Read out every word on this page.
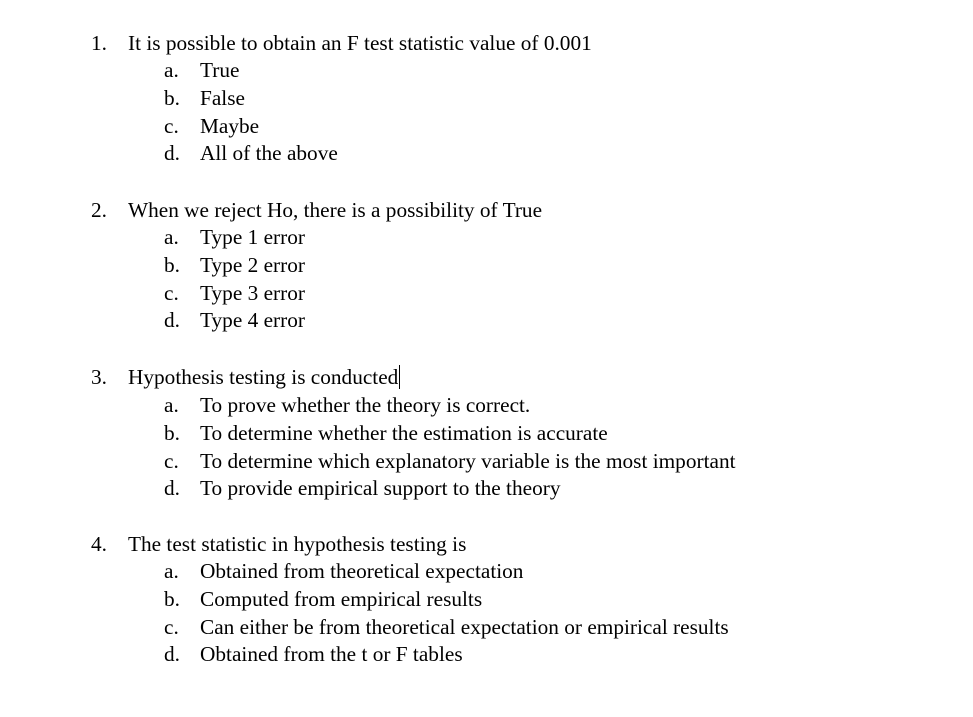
1. It is possible to obtain an F test statistic value of 0.001
a. True
b. False
c. Maybe
d. All of the above
2. When we reject Ho, there is a possibility of True
a. Type 1 error
b. Type 2 error
c. Type 3 error
d. Type 4 error
3. Hypothesis testing is conducted
a. To prove whether the theory is correct.
b. To determine whether the estimation is accurate
c. To determine which explanatory variable is the most important
d. To provide empirical support to the theory
4. The test statistic in hypothesis testing is
a. Obtained from theoretical expectation
b. Computed from empirical results
c. Can either be from theoretical expectation or empirical results
d. Obtained from the t or F tables
